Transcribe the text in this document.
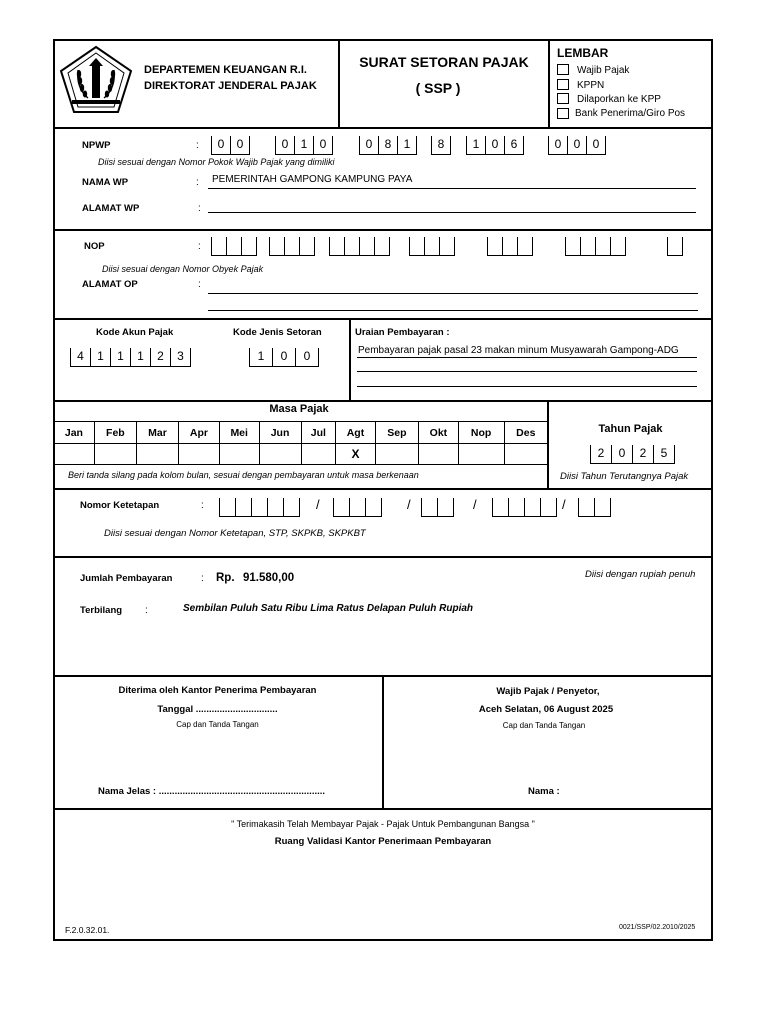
DEPARTEMEN KEUANGAN R.I.
DIREKTORAT JENDERAL PAJAK
SURAT SETORAN PAJAK
( SSP )
LEMBAR
Wajib Pajak
KPPN
Dilaporkan ke KPP
Bank Penerima/Giro Pos
NPWP	:	0	0	0	1	0	0	8	1	8	1	0	6	0	0	0
Diisi sesuai dengan Nomor Pokok Wajib Pajak yang dimiliki
NAMA WP	: PEMERINTAH GAMPONG KAMPUNG PAYA
ALAMAT WP	:
NOP	:
Diisi sesuai dengan Nomor Obyek Pajak
ALAMAT OP	:
Kode Akun Pajak
4	1	1	1	2	3
Kode Jenis Setoran
1	0	0
Uraian Pembayaran :
Pembayaran pajak pasal 23 makan minum Musyawarah Gampong-ADG
Masa Pajak
Jan	Feb	Mar	Apr	Mei	Jun	Jul	Agt	Sep	Okt	Nop	Des
							X				
Beri tanda silang pada kolom bulan, sesuai dengan pembayaran untuk masa berkenaan
Tahun Pajak
2	0	2	5
Diisi Tahun Terutangnya Pajak
Nomor Ketetapan	:	/	/	/	/
Diisi sesuai dengan Nomor Ketetapan, STP, SKPKB, SKPKBT
Jumlah Pembayaran	: Rp. 91.580,00	Diisi dengan rupiah penuh
Terbilang :	Sembilan Puluh Satu Ribu Lima Ratus Delapan Puluh Rupiah
Diterima oleh Kantor Penerima Pembayaran
Tanggal ...............................
Cap dan Tanda Tangan
Nama Jelas : ...............................................................
Wajib Pajak / Penyetor,
Aceh Selatan, 06 August 2025
Cap dan Tanda Tangan
Nama :
" Terimakasih Telah Membayar Pajak - Pajak Untuk Pembangunan Bangsa "
Ruang Validasi Kantor Penerimaan Pembayaran
F.2.0.32.01.	0021/SSP/02.2010/2025
